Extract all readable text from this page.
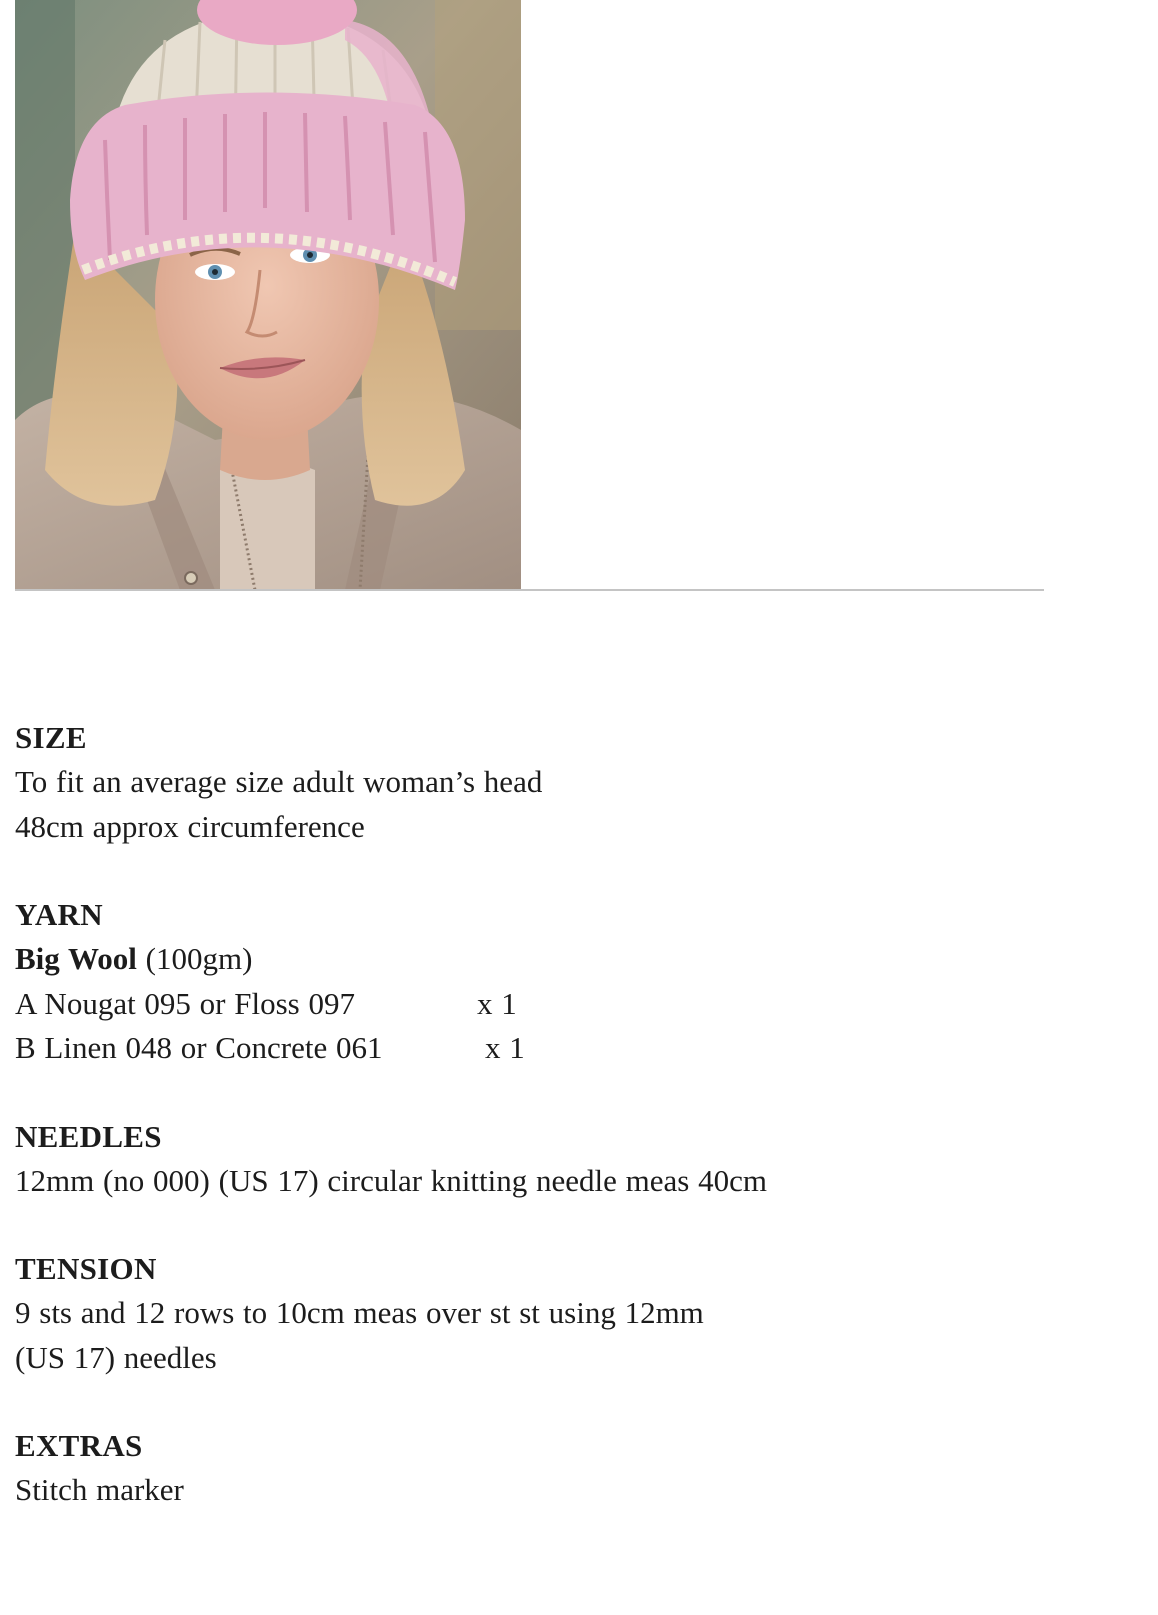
SIZE
To fit an average size adult woman’s head
48cm approx circumference
YARN
Big Wool (100gm)
A Nougat 095 or Floss 097	x 1
B Linen 048 or Concrete 061	x 1
NEEDLES
12mm (no 000) (US 17) circular knitting needle meas 40cm
TENSION
9 sts and 12 rows to 10cm meas over st st using 12mm
(US 17) needles
EXTRAS
Stitch marker
